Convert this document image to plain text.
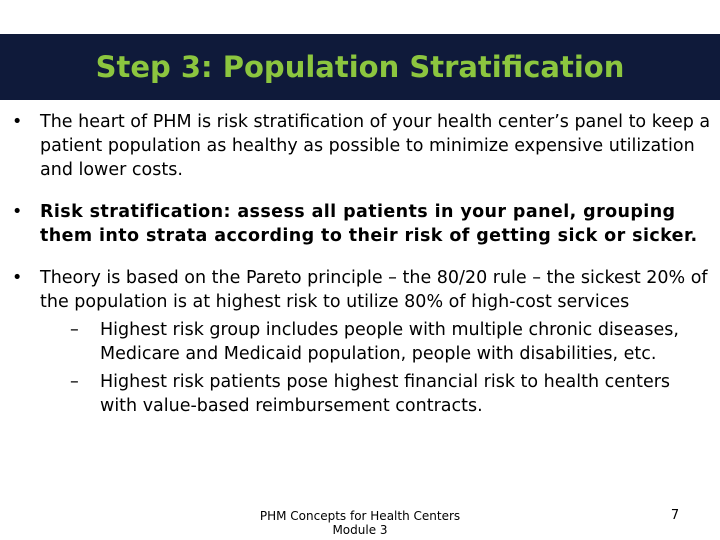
Step 3: Population Stratification
• The heart of PHM is risk stratification of your health center’s panel to keep a patient population as healthy as possible to minimize expensive utilization and lower costs.
• Risk stratification: assess all patients in your panel, grouping them into strata according to their risk of getting sick or sicker.
• Theory is based on the Pareto principle – the 80/20 rule – the sickest 20% of the population is at highest risk to utilize 80% of high-cost services
– Highest risk group includes people with multiple chronic diseases, Medicare and Medicaid population, people with disabilities, etc.
– Highest risk patients pose highest financial risk to health centers with value-based reimbursement contracts.
PHM Concepts for Health Centers
Module 3
7
